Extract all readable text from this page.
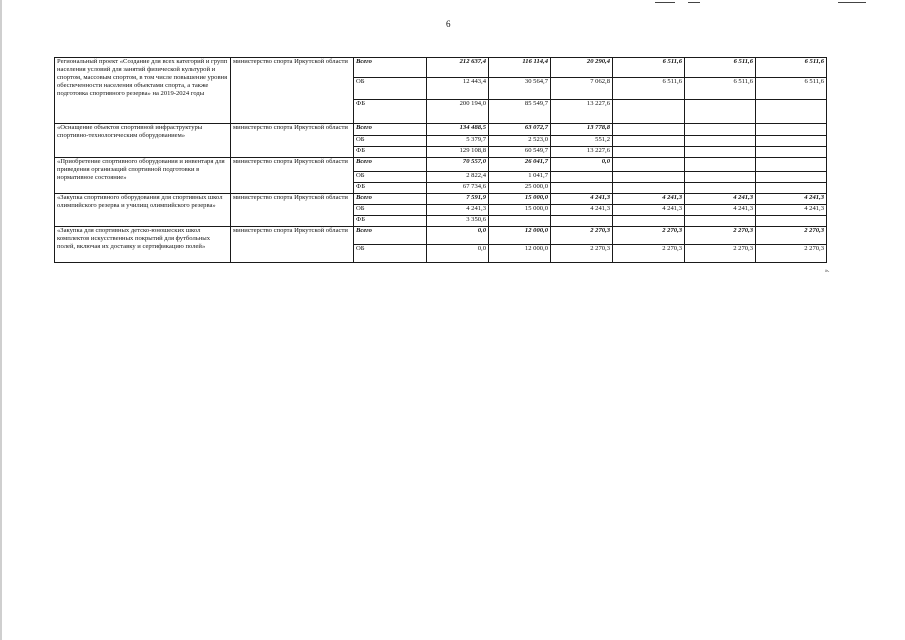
6
Региональный проект «Создание для всех категорий и групп населения условий для занятий физической культурой и спортом, массовым спортом, в том числе повышение уровня обеспеченности населения объектами спорта, а также подготовка спортивного резерва» на 2019-2024 годы	министерство спорта Иркутской области	Всего	212 637,4	116 114,4	20 290,4	6 511,6	6 511,6	6 511,6
		ОБ	12 443,4	30 564,7	7 062,8	6 511,6	6 511,6	6 511,6
		ФБ	200 194,0	85 549,7	13 227,6			
«Оснащение объектов спортивной инфраструктуры спортивно-технологическим оборудованием»	министерство спорта Иркутской области	Всего	134 488,5	63 072,7	13 778,8			
		ОБ	5 379,7	2 523,0	551,2			
		ФБ	129 108,8	60 549,7	13 227,6			
«Приобретение спортивного оборудования и инвентаря для приведения организаций спортивной подготовки в нормативное состояние»	министерство спорта Иркутской области	Всего	70 557,0	26 041,7	0,0			
		ОБ	2 822,4	1 041,7				
		ФБ	67 734,6	25 000,0				
«Закупка спортивного оборудования для спортивных школ олимпийского резерва и училищ олимпийского резерва»	министерство спорта Иркутской области	Всего	7 591,9	15 000,0	4 241,3	4 241,3	4 241,3	4 241,3
		ОБ	4 241,3	15 000,0	4 241,3	4 241,3	4 241,3	4 241,3
		ФБ	3 350,6					
«Закупка для спортивных детско-юношеских школ комплектов искусственных покрытий для футбольных полей, включая их доставку и сертификацию полей»	министерство спорта Иркутской области	Всего	0,0	12 000,0	2 270,3	2 270,3	2 270,3	2 270,3
		ОБ	0,0	12 000,0	2 270,3	2 270,3	2 270,3	2 270,3
».
